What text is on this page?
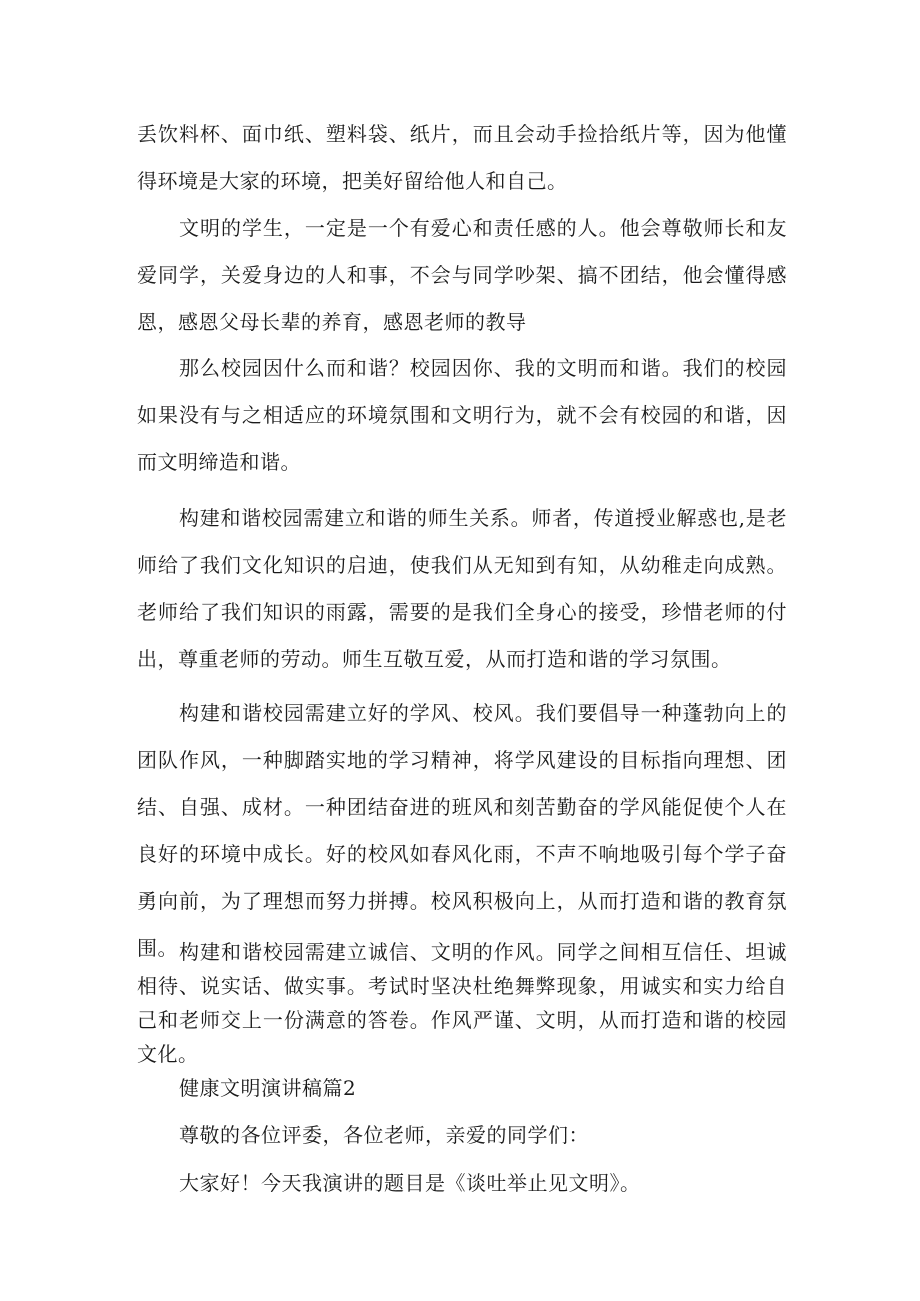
丢饮料杯、面巾纸、塑料袋、纸片，而且会动手捡拾纸片等，因为他懂得环境是大家的环境，把美好留给他人和自己。

文明的学生，一定是一个有爱心和责任感的人。他会尊敬师长和友爱同学，关爱身边的人和事，不会与同学吵架、搞不团结，他会懂得感恩，感恩父母长辈的养育，感恩老师的教导

那么校园因什么而和谐？校园因你、我的文明而和谐。我们的校园如果没有与之相适应的环境氛围和文明行为，就不会有校园的和谐，因而文明缔造和谐。

构建和谐校园需建立和谐的师生关系。师者，传道授业解惑也,是老师给了我们文化知识的启迪，使我们从无知到有知，从幼稚走向成熟。老师给了我们知识的雨露，需要的是我们全身心的接受，珍惜老师的付出，尊重老师的劳动。师生互敬互爱，从而打造和谐的学习氛围。

构建和谐校园需建立好的学风、校风。我们要倡导一种蓬勃向上的团队作风，一种脚踏实地的学习精神，将学风建设的目标指向理想、团结、自强、成材。一种团结奋进的班风和刻苦勤奋的学风能促使个人在良好的环境中成长。好的校风如春风化雨，不声不响地吸引每个学子奋勇向前，为了理想而努力拼搏。校风积极向上，从而打造和谐的教育氛围。 构建和谐校园需建立诚信、文明的作风。同学之间相互信任、坦诚相待、说实话、做实事。考试时坚决杜绝舞弊现象，用诚实和实力给自己和老师交上一份满意的答卷。作风严谨、文明，从而打造和谐的校园文化。

健康文明演讲稿篇2

尊敬的各位评委，各位老师，亲爱的同学们：

大家好！今天我演讲的题目是《谈吐举止见文明》。
